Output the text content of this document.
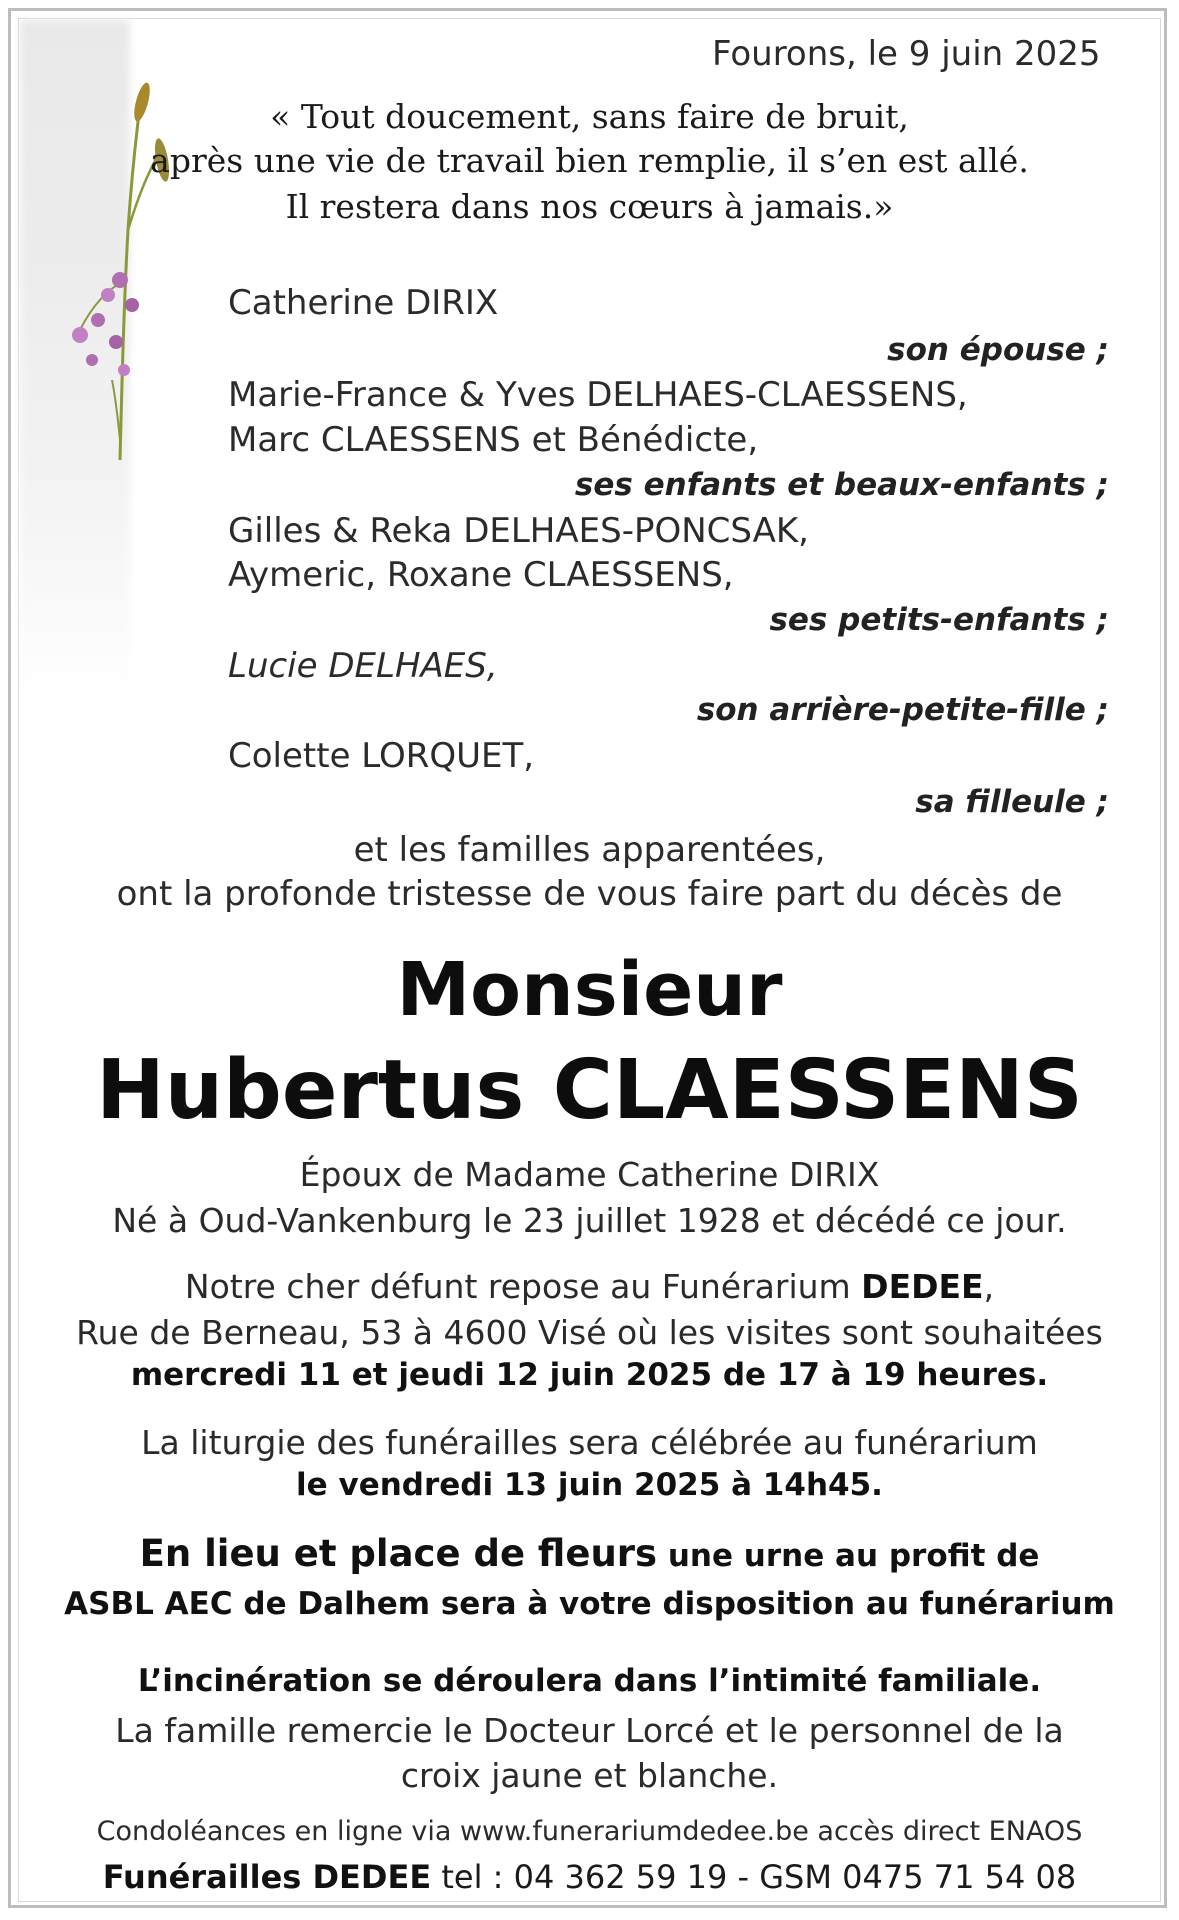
Fourons, le 9 juin 2025
« Tout doucement, sans faire de bruit,
après une vie de travail bien remplie, il s’en est allé.
Il restera dans nos cœurs à jamais.»
Catherine DIRIX
son épouse ;
Marie-France & Yves DELHAES-CLAESSENS,
Marc CLAESSENS et Bénédicte,
ses enfants et beaux-enfants ;
Gilles & Reka DELHAES-PONCSAK,
Aymeric, Roxane CLAESSENS,
ses petits-enfants ;
Lucie DELHAES,
son arrière-petite-fille ;
Colette LORQUET,
sa filleule ;
et les familles apparentées,
ont la profonde tristesse de vous faire part du décès de
Monsieur
Hubertus CLAESSENS
Époux de Madame Catherine DIRIX
Né à Oud-Vankenburg le 23 juillet 1928 et décédé ce jour.
Notre cher défunt repose au Funérarium DEDEE,
Rue de Berneau, 53 à 4600 Visé où les visites sont souhaitées
mercredi 11 et jeudi 12 juin 2025 de 17 à 19 heures.
La liturgie des funérailles sera célébrée au funérarium
le vendredi 13 juin 2025 à 14h45.
En lieu et place de fleurs une urne au profit de
ASBL AEC de Dalhem sera à votre disposition au funérarium
L’incinération se déroulera dans l’intimité familiale.
La famille remercie le Docteur Lorcé et le personnel de la
croix jaune et blanche.
Condoléances en ligne via www.funerariumdedee.be accès direct ENAOS
Funérailles DEDEE tel : 04 362 59 19 - GSM 0475 71 54 08
